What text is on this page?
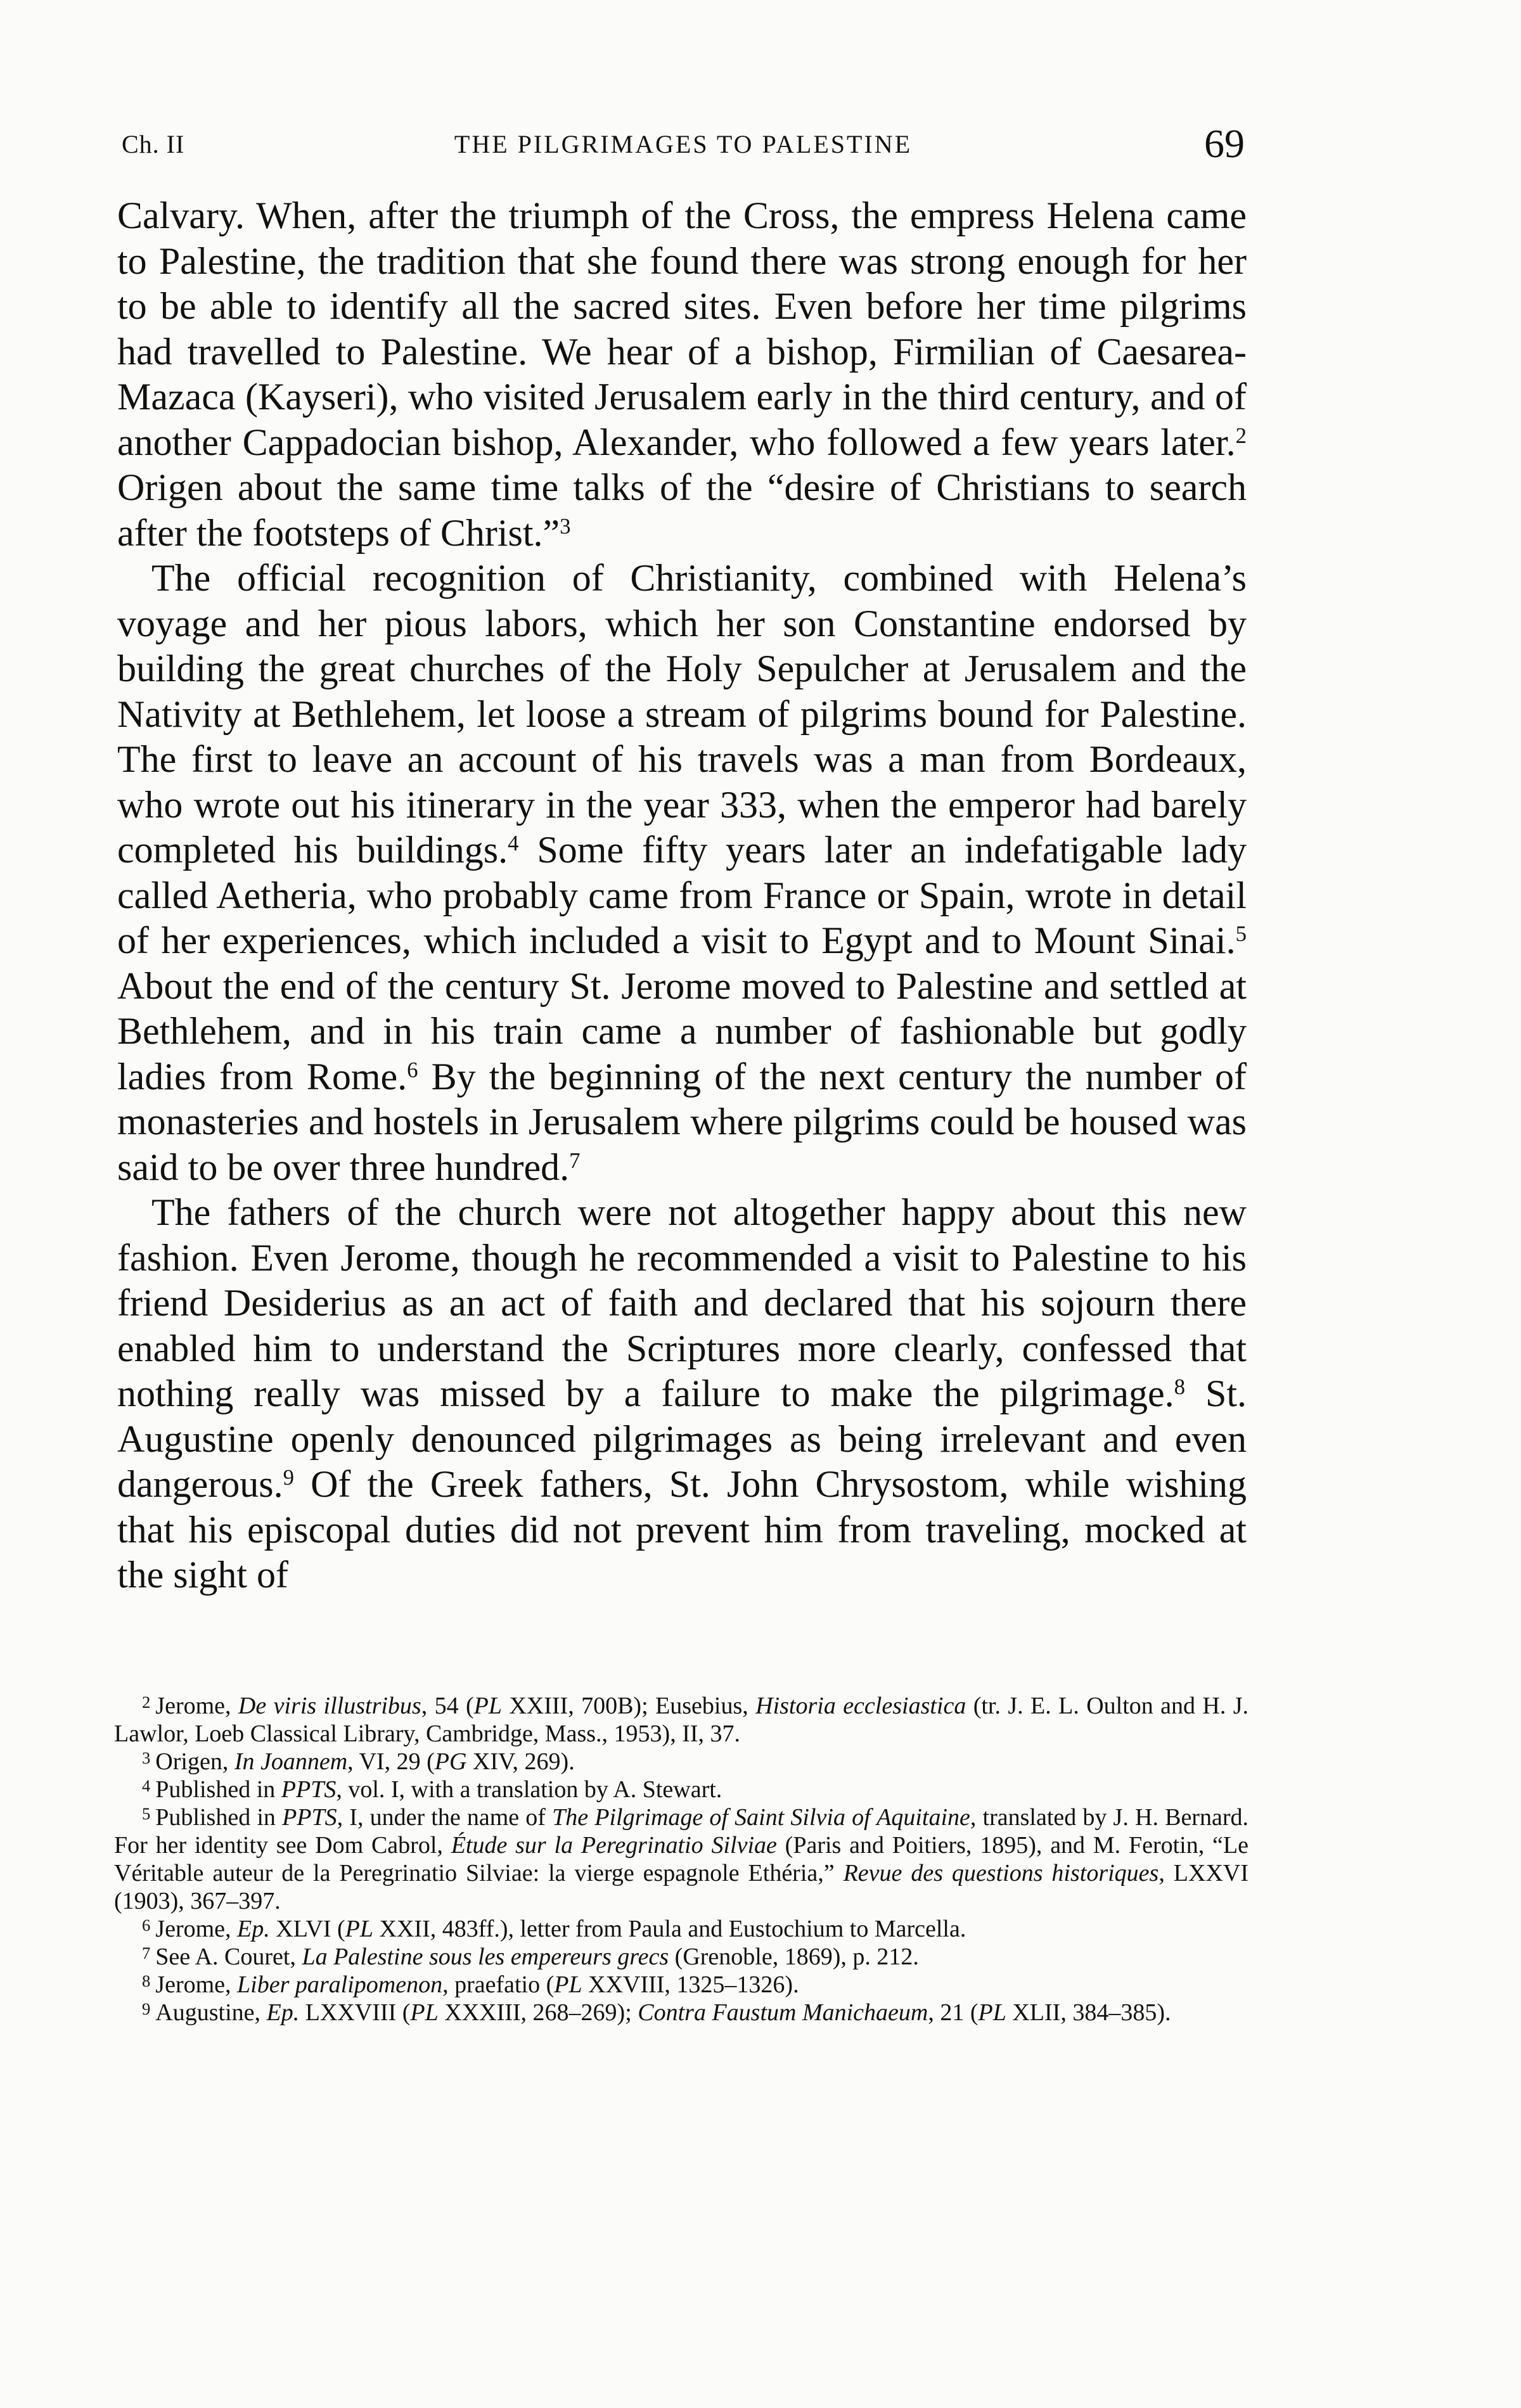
Ch. II	THE PILGRIMAGES TO PALESTINE	69

Calvary. When, after the triumph of the Cross, the empress Helena came to Palestine, the tradition that she found there was strong enough for her to be able to identify all the sacred sites. Even before her time pilgrims had travelled to Palestine. We hear of a bishop, Firmilian of Caesarea-Mazaca (Kayseri), who visited Jerusalem early in the third century, and of another Cappadocian bishop, Alexander, who followed a few years later.$^2$ Origen about the same time talks of the “desire of Christians to search after the footsteps of Christ.”$^3$

The official recognition of Christianity, combined with Helena’s voyage and her pious labors, which her son Constantine endorsed by building the great churches of the Holy Sepulcher at Jerusalem and the Nativity at Bethlehem, let loose a stream of pilgrims bound for Palestine. The first to leave an account of his travels was a man from Bordeaux, who wrote out his itinerary in the year 333, when the emperor had barely completed his buildings.$^4$ Some fifty years later an indefatigable lady called Aetheria, who probably came from France or Spain, wrote in detail of her experiences, which included a visit to Egypt and to Mount Sinai.$^5$ About the end of the century St. Jerome moved to Palestine and settled at Bethlehem, and in his train came a number of fashionable but godly ladies from Rome.$^6$ By the beginning of the next century the number of monasteries and hostels in Jerusalem where pilgrims could be housed was said to be over three hundred.$^7$

The fathers of the church were not altogether happy about this new fashion. Even Jerome, though he recommended a visit to Palestine to his friend Desiderius as an act of faith and declared that his sojourn there enabled him to understand the Scriptures more clearly, confessed that nothing really was missed by a failure to make the pilgrimage.$^8$ St. Augustine openly denounced pilgrimages as being irrelevant and even dangerous.$^9$ Of the Greek fathers, St. John Chrysostom, while wishing that his episcopal duties did not prevent him from traveling, mocked at the sight of

$^2$ Jerome, De viris illustribus, 54 (PL XXIII, 700B); Eusebius, Historia ecclesiastica (tr. J. E. L. Oulton and H. J. Lawlor, Loeb Classical Library, Cambridge, Mass., 1953), II, 37.

$^3$ Origen, In Joannem, VI, 29 (PG XIV, 269).

$^4$ Published in PPTS, vol. I, with a translation by A. Stewart.

$^5$ Published in PPTS, I, under the name of The Pilgrimage of Saint Silvia of Aquitaine, translated by J. H. Bernard. For her identity see Dom Cabrol, Étude sur la Peregrinatio Silviae (Paris and Poitiers, 1895), and M. Ferotin, “Le Véritable auteur de la Peregrinatio Silviae: la vierge espagnole Ethéria,” Revue des questions historiques, LXXVI (1903), 367–397.

$^6$ Jerome, Ep. XLVI (PL XXII, 483ff.), letter from Paula and Eustochium to Marcella.

$^7$ See A. Couret, La Palestine sous les empereurs grecs (Grenoble, 1869), p. 212.

$^8$ Jerome, Liber paralipomenon, praefatio (PL XXVIII, 1325–1326).

$^9$ Augustine, Ep. LXXVIII (PL XXXIII, 268–269); Contra Faustum Manichaeum, 21 (PL XLII, 384–385).
